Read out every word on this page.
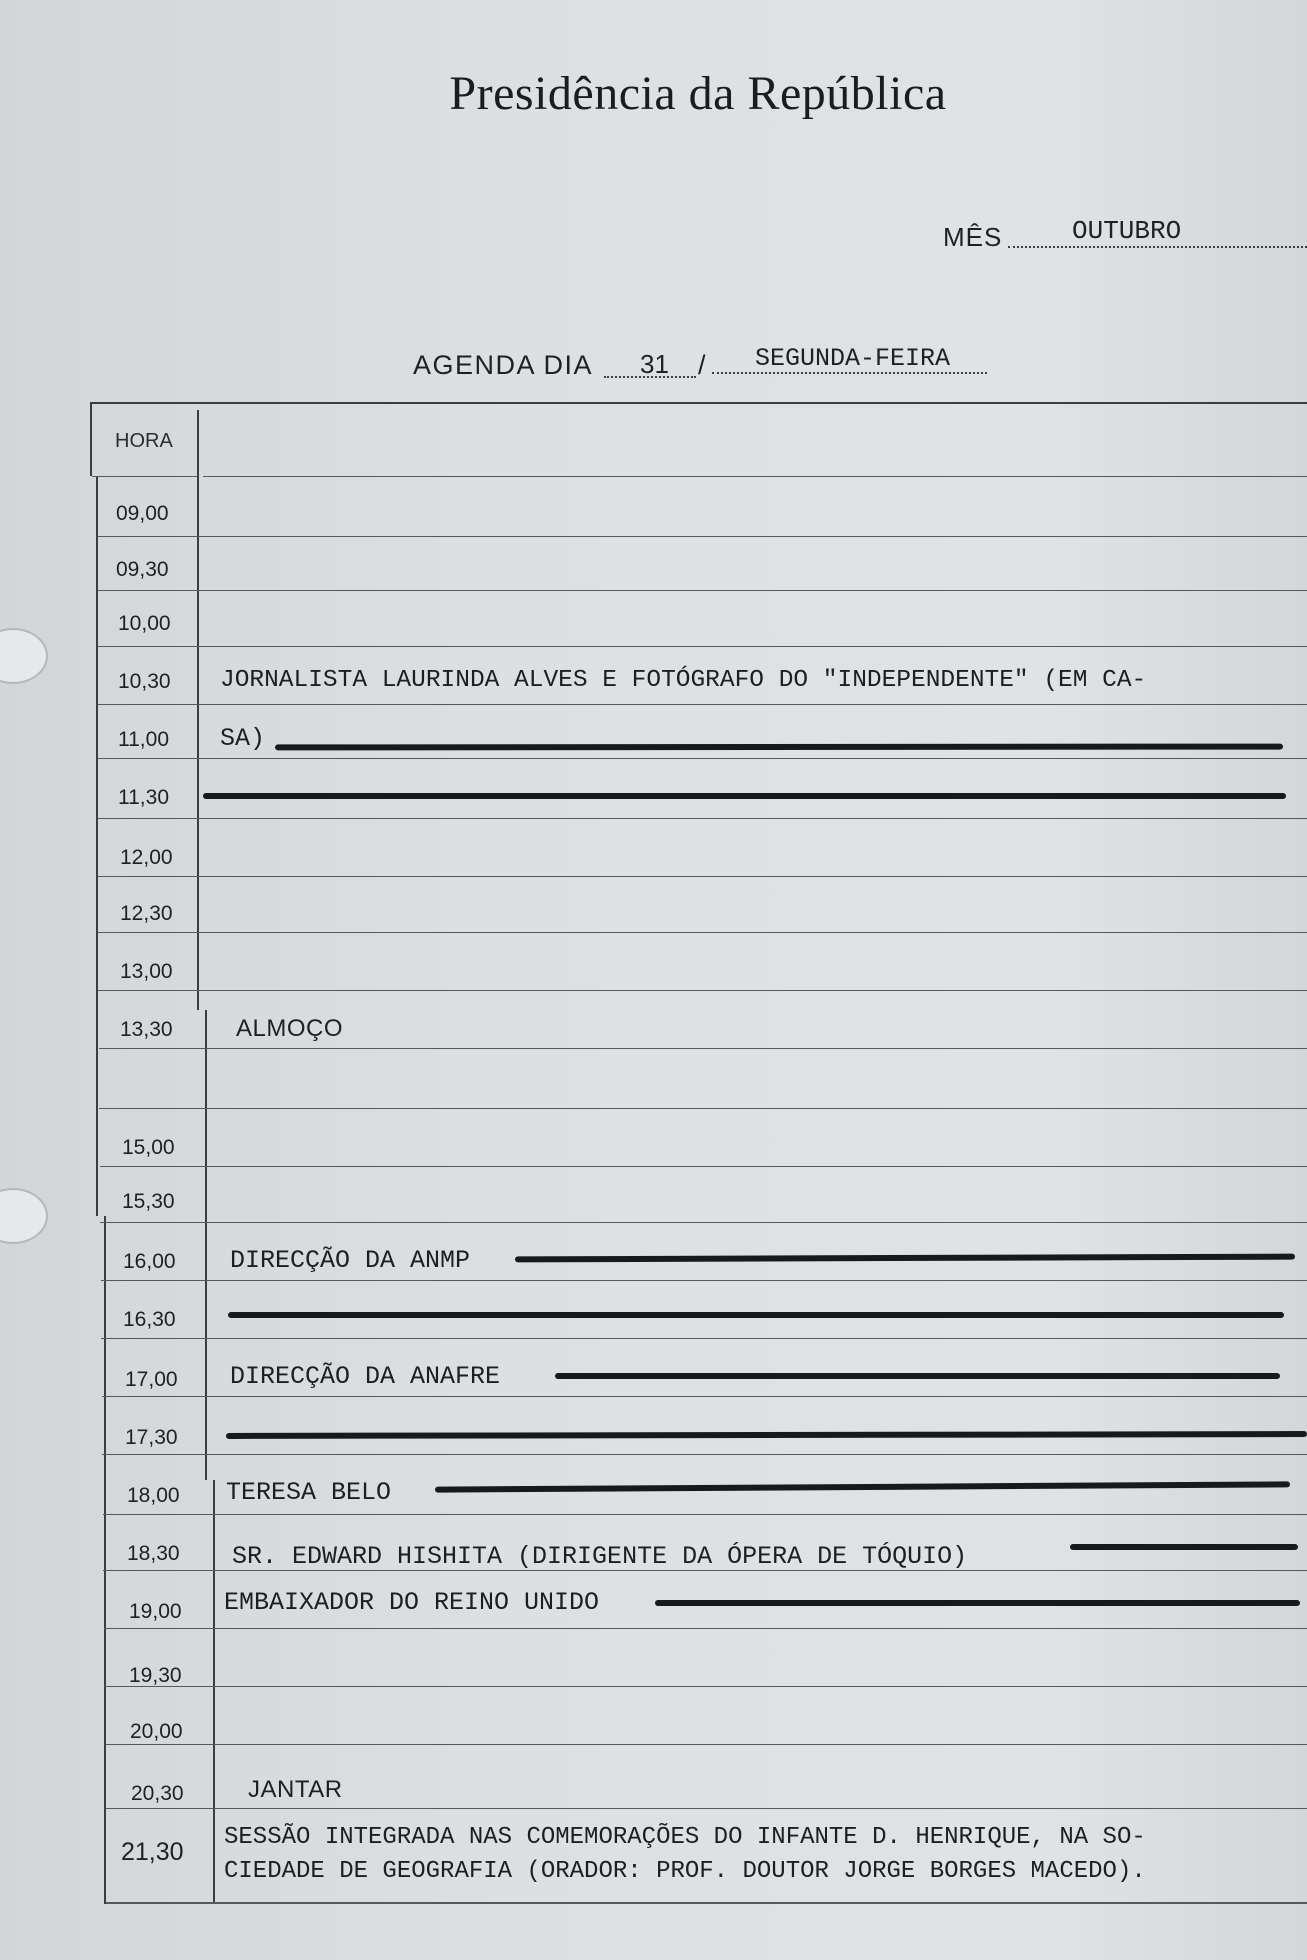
Presidência da República
MÊS	OUTUBRO
AGENDA DIA 31 / SEGUNDA-FEIRA
HORA
09,00
09,30
10,00
10,30
11,00
11,30
12,00
12,30
13,00
13,30
15,00
15,30
16,00
16,30
17,00
17,30
18,00
18,30
19,00
19,30
20,00
20,30
21,30
JORNALISTA LAURINDA ALVES E FOTÓGRAFO DO "INDEPENDENTE" (EM CA-
SA)
ALMOÇO
DIRECÇÃO DA ANMP
DIRECÇÃO DA ANAFRE
TERESA BELO
SR. EDWARD HISHITA (DIRIGENTE DA ÓPERA DE TÓQUIO)
EMBAIXADOR DO REINO UNIDO
JANTAR
SESSÃO INTEGRADA NAS COMEMORAÇÕES DO INFANTE D. HENRIQUE, NA SO-
CIEDADE DE GEOGRAFIA (ORADOR: PROF. DOUTOR JORGE BORGES MACEDO).
